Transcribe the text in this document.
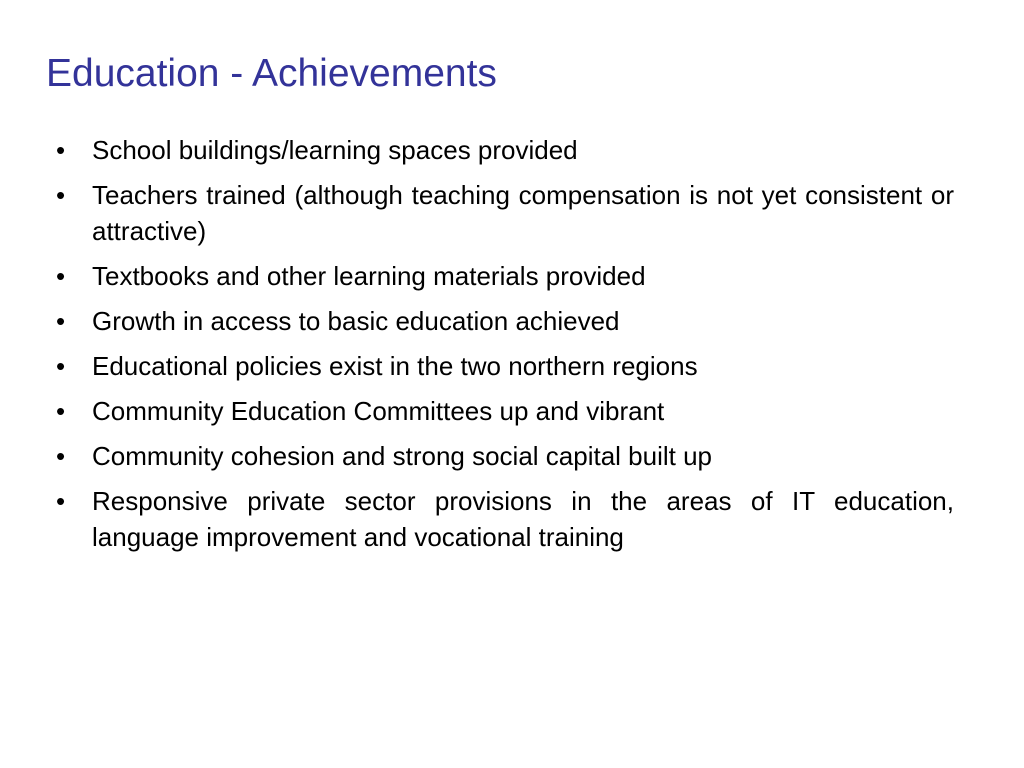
Education - Achievements
•	School buildings/learning spaces provided
•	Teachers trained (although teaching compensation is not yet consistent or attractive)
•	Textbooks and other learning materials provided
•	Growth in access to basic education achieved
•	Educational policies exist in the two northern regions
•	Community Education Committees up and vibrant
•	Community cohesion and strong social capital built up
•	Responsive private sector provisions in the areas of IT education, language improvement and vocational training
